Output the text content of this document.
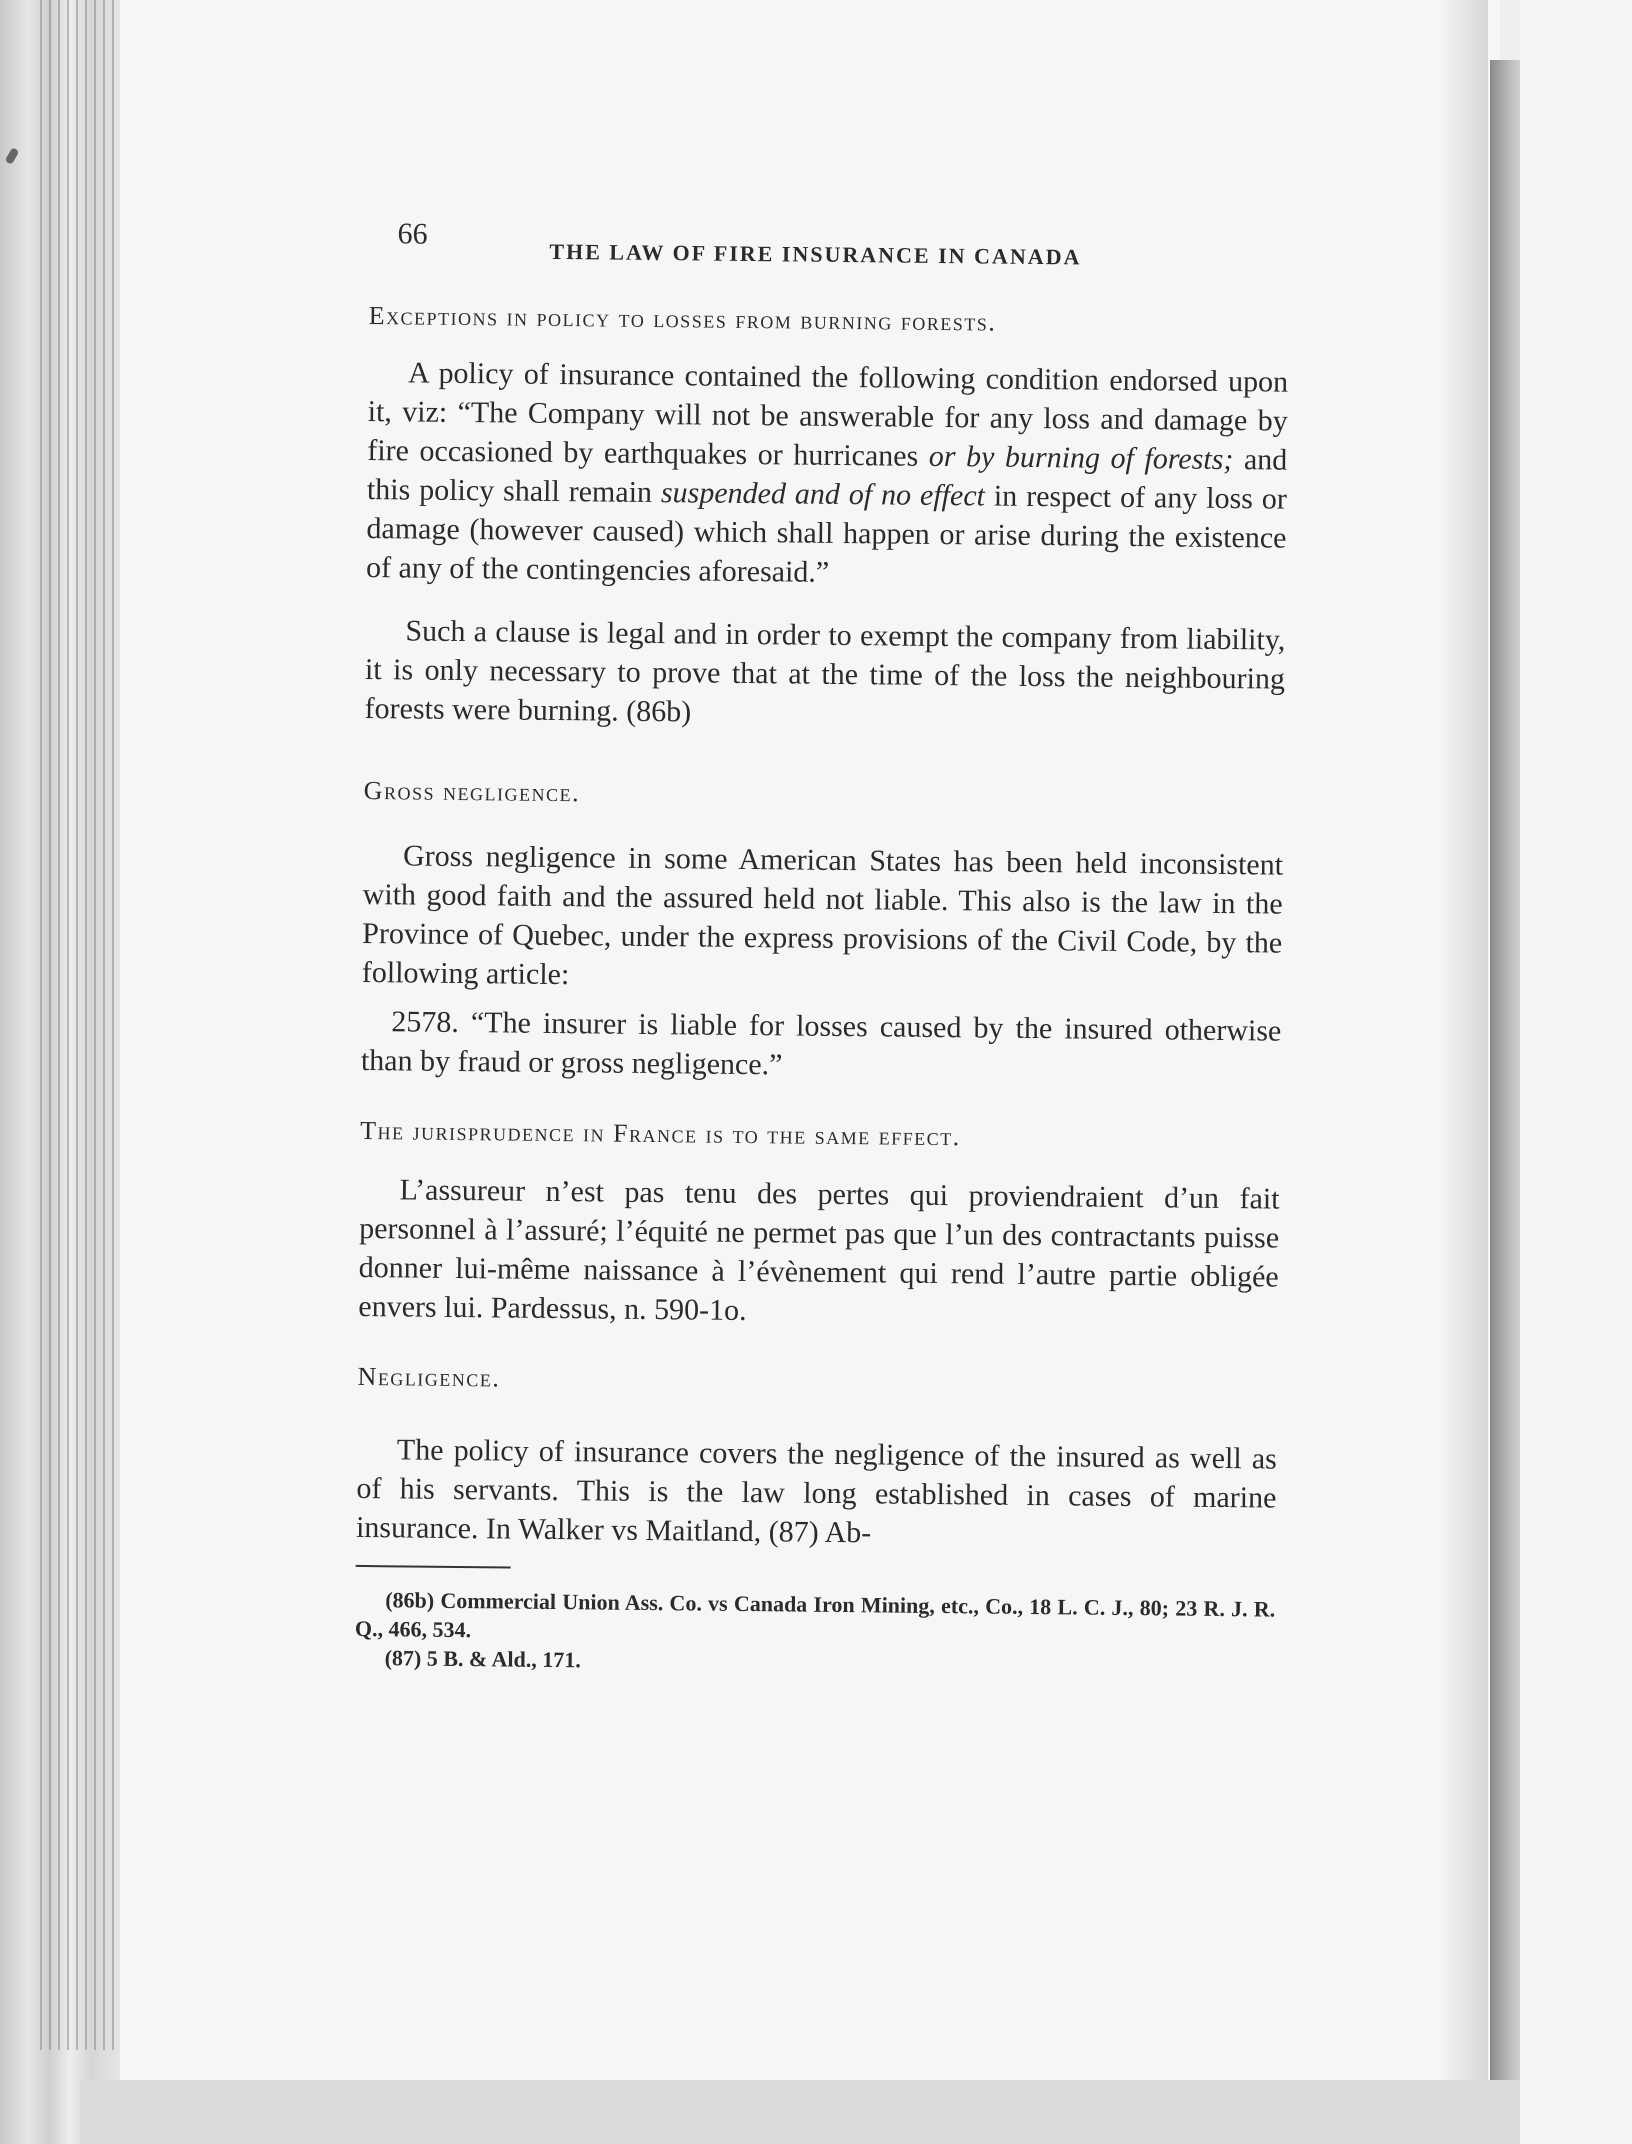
66
THE LAW OF FIRE INSURANCE IN CANADA
Exceptions in policy to losses from burning forests.

A policy of insurance contained the following condition endorsed upon it, viz: “The Company will not be answerable for any loss and damage by fire occasioned by earthquakes or hurricanes or by burning of forests; and this policy shall remain suspended and of no effect in respect of any loss or damage (however caused) which shall happen or arise during the existence of any of the contingencies aforesaid.”

Such a clause is legal and in order to exempt the company from liability, it is only necessary to prove that at the time of the loss the neighbouring forests were burning. (86b)

Gross negligence.

Gross negligence in some American States has been held inconsistent with good faith and the assured held not liable. This also is the law in the Province of Quebec, under the express provisions of the Civil Code, by the following article:

2578. “The insurer is liable for losses caused by the insured otherwise than by fraud or gross negligence.”

The jurisprudence in France is to the same effect.

L’assureur n’est pas tenu des pertes qui proviendraient d’un fait personnel à l’assuré; l’équité ne permet pas que l’un des contractants puisse donner lui-même naissance à l’évènement qui rend l’autre partie obligée envers lui. Pardessus, n. 590-1o.

Negligence.

The policy of insurance covers the negligence of the insured as well as of his servants. This is the law long established in cases of marine insurance. In Walker vs Maitland, (87) Ab-

(86b) Commercial Union Ass. Co. vs Canada Iron Mining, etc., Co., 18 L. C. J., 80; 23 R. J. R. Q., 466, 534.

(87) 5 B. & Ald., 171.
